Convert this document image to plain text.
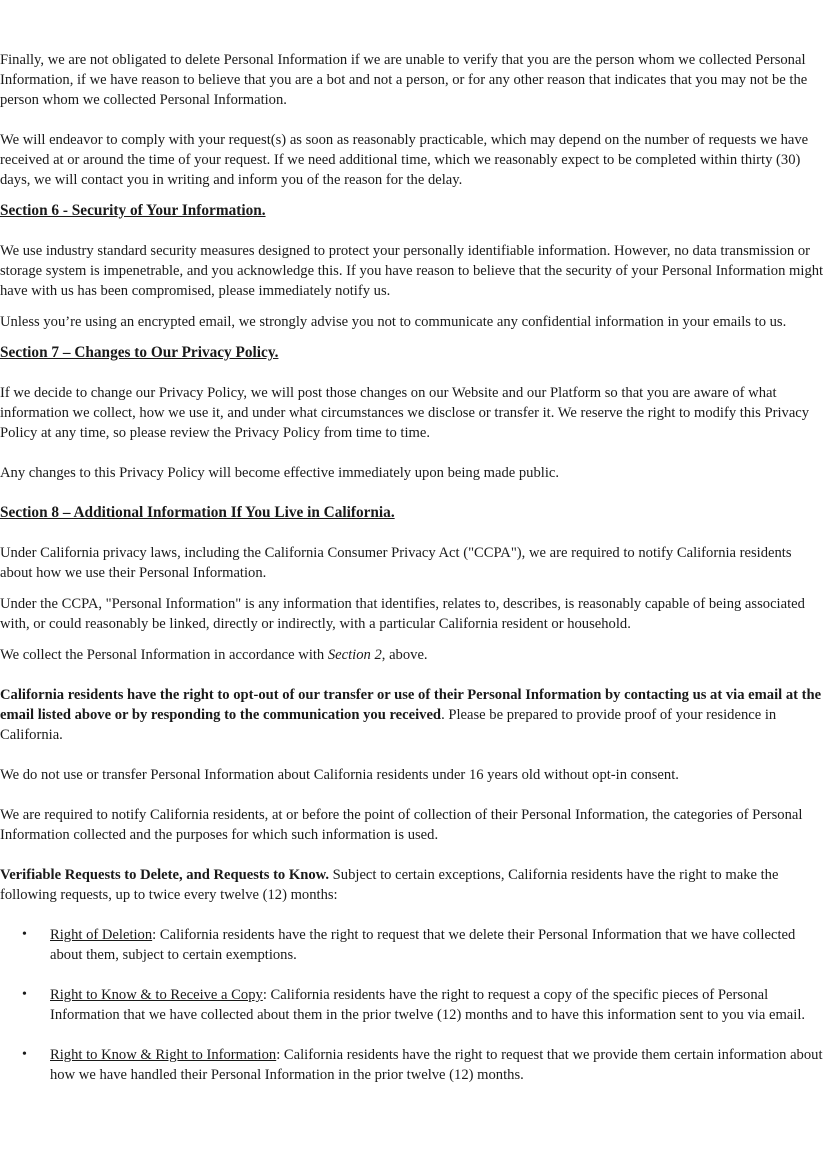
Finally, we are not obligated to delete Personal Information if we are unable to verify that you are the person whom we collected Personal Information, if we have reason to believe that you are a bot and not a person, or for any other reason that indicates that you may not be the person whom we collected Personal Information.

We will endeavor to comply with your request(s) as soon as reasonably practicable, which may depend on the number of requests we have received at or around the time of your request. If we need additional time, which we reasonably expect to be completed within thirty (30) days, we will contact you in writing and inform you of the reason for the delay.

Section 6 - Security of Your Information.

We use industry standard security measures designed to protect your personally identifiable information. However, no data transmission or storage system is impenetrable, and you acknowledge this. If you have reason to believe that the security of your Personal Information might have with us has been compromised, please immediately notify us.

Unless you’re using an encrypted email, we strongly advise you not to communicate any confidential information in your emails to us.

Section 7 – Changes to Our Privacy Policy.

If we decide to change our Privacy Policy, we will post those changes on our Website and our Platform so that you are aware of what information we collect, how we use it, and under what circumstances we disclose or transfer it. We reserve the right to modify this Privacy Policy at any time, so please review the Privacy Policy from time to time.

Any changes to this Privacy Policy will become effective immediately upon being made public.

Section 8 – Additional Information If You Live in California.

Under California privacy laws, including the California Consumer Privacy Act ("CCPA"), we are required to notify California residents about how we use their Personal Information.

Under the CCPA, "Personal Information" is any information that identifies, relates to, describes, is reasonably capable of being associated with, or could reasonably be linked, directly or indirectly, with a particular California resident or household.

We collect the Personal Information in accordance with Section 2, above.

California residents have the right to opt-out of our transfer or use of their Personal Information by contacting us at via email at the email listed above or by responding to the communication you received. Please be prepared to provide proof of your residence in California.

We do not use or transfer Personal Information about California residents under 16 years old without opt-in consent.

We are required to notify California residents, at or before the point of collection of their Personal Information, the categories of Personal Information collected and the purposes for which such information is used.

Verifiable Requests to Delete, and Requests to Know. Subject to certain exceptions, California residents have the right to make the following requests, up to twice every twelve (12) months:

• Right of Deletion: California residents have the right to request that we delete their Personal Information that we have collected about them, subject to certain exemptions.
• Right to Know & to Receive a Copy: California residents have the right to request a copy of the specific pieces of Personal Information that we have collected about them in the prior twelve (12) months and to have this information sent to you via email.
• Right to Know & Right to Information: California residents have the right to request that we provide them certain information about how we have handled their Personal Information in the prior twelve (12) months.
